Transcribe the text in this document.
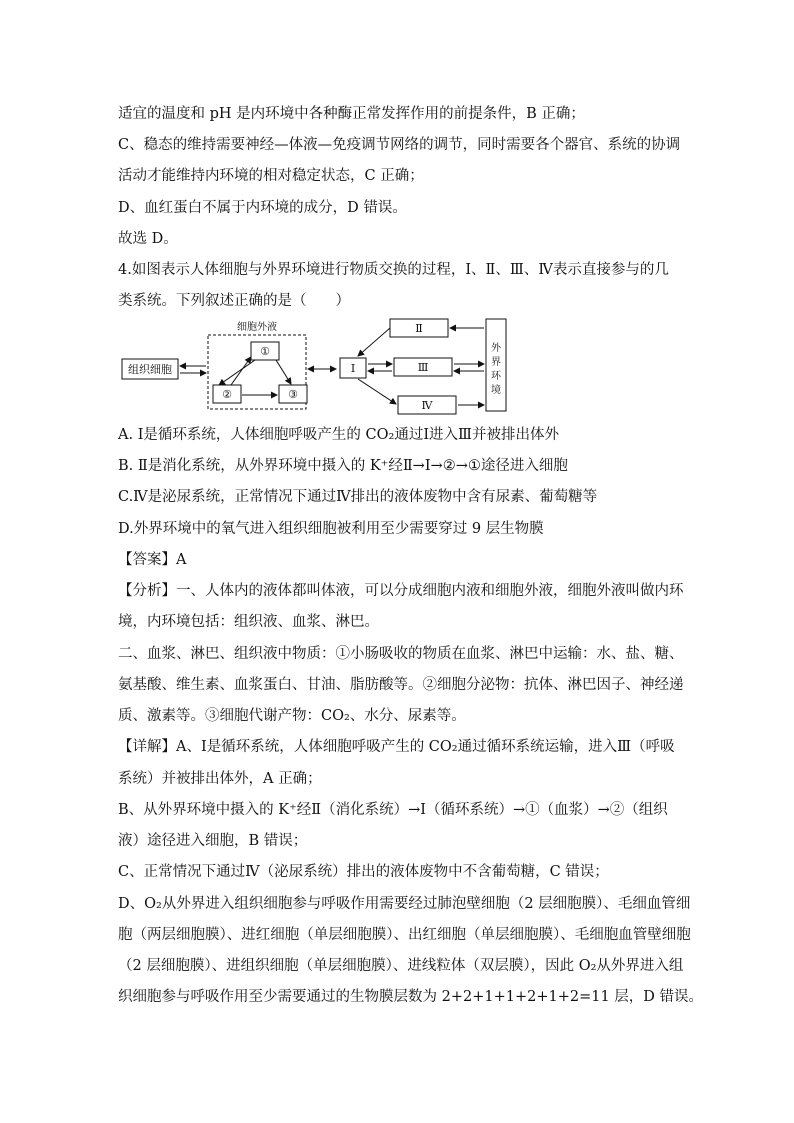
适宜的温度和 pH 是内环境中各种酶正常发挥作用的前提条件，B 正确；
C、稳态的维持需要神经—体液—免疫调节网络的调节，同时需要各个器官、系统的协调
活动才能维持内环境的相对稳定状态，C 正确；
D、血红蛋白不属于内环境的成分，D 错误。
故选 D。
4.如图表示人体细胞与外界环境进行物质交换的过程，Ⅰ、Ⅱ、Ⅲ、Ⅳ表示直接参与的几
类系统。下列叙述正确的是（　　）
组织细胞
细胞外液
①
②	③
Ⅰ
Ⅱ
Ⅲ
Ⅳ
外
界
环
境
A. Ⅰ是循环系统，人体细胞呼吸产生的 CO₂通过Ⅰ进入Ⅲ并被排出体外
B. Ⅱ是消化系统，从外界环境中摄入的 K⁺经Ⅱ→Ⅰ→②→①途径进入细胞
C.Ⅳ是泌尿系统，正常情况下通过Ⅳ排出的液体废物中含有尿素、葡萄糖等
D.外界环境中的氧气进入组织细胞被利用至少需要穿过 9 层生物膜
【答案】A
【分析】一、人体内的液体都叫体液，可以分成细胞内液和细胞外液，细胞外液叫做内环
境，内环境包括：组织液、血浆、淋巴。
二、血浆、淋巴、组织液中物质：①小肠吸收的物质在血浆、淋巴中运输：水、盐、糖、
氨基酸、维生素、血浆蛋白、甘油、脂肪酸等。②细胞分泌物：抗体、淋巴因子、神经递
质、激素等。③细胞代谢产物：CO₂、水分、尿素等。
【详解】A、Ⅰ是循环系统，人体细胞呼吸产生的 CO₂通过循环系统运输，进入Ⅲ（呼吸
系统）并被排出体外，A 正确；
B、从外界环境中摄入的 K⁺经Ⅱ（消化系统）→Ⅰ（循环系统）→①（血浆）→②（组织
液）途径进入细胞，B 错误；
C、正常情况下通过Ⅳ（泌尿系统）排出的液体废物中不含葡萄糖，C 错误；
D、O₂从外界进入组织细胞参与呼吸作用需要经过肺泡壁细胞（2 层细胞膜）、毛细血管细
胞（两层细胞膜）、进红细胞（单层细胞膜）、出红细胞（单层细胞膜）、毛细胞血管壁细胞
（2 层细胞膜）、进组织细胞（单层细胞膜）、进线粒体（双层膜），因此 O₂从外界进入组
织细胞参与呼吸作用至少需要通过的生物膜层数为 2+2+1+1+2+1+2=11 层，D 错误。
